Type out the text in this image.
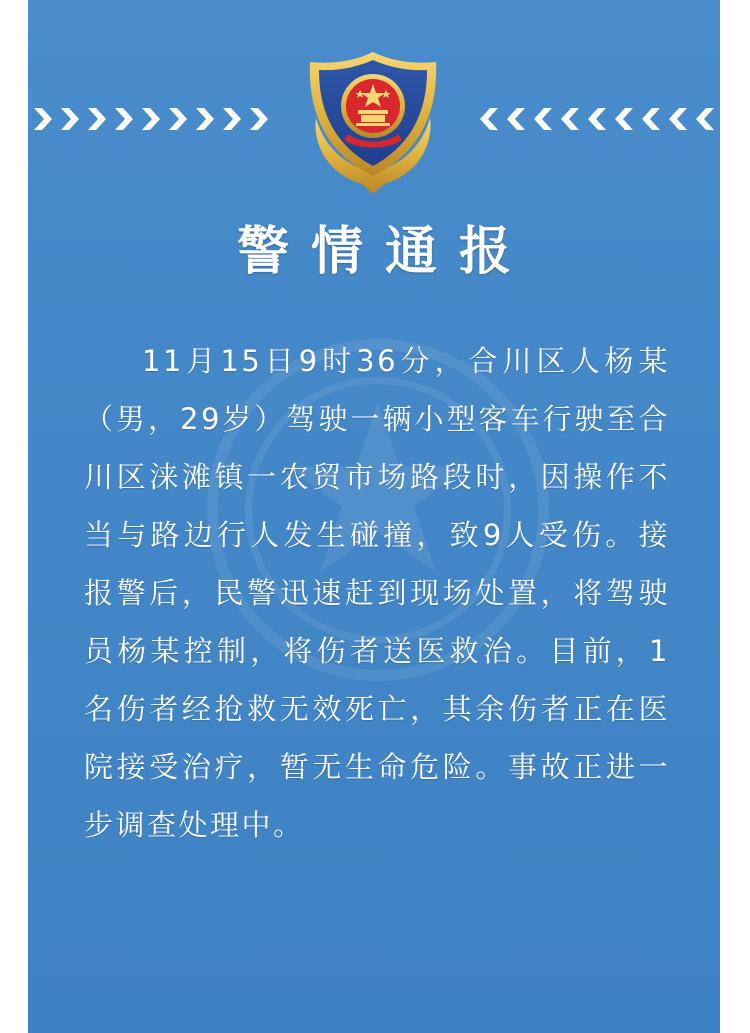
警情通报
11月15日9时36分，合川区人杨某（男，29岁）驾驶一辆小型客车行驶至合川区涞滩镇一农贸市场路段时，因操作不当与路边行人发生碰撞，致9人受伤。接报警后，民警迅速赶到现场处置，将驾驶员杨某控制，将伤者送医救治。目前，1名伤者经抢救无效死亡，其余伤者正在医院接受治疗，暂无生命危险。事故正进一步调查处理中。
